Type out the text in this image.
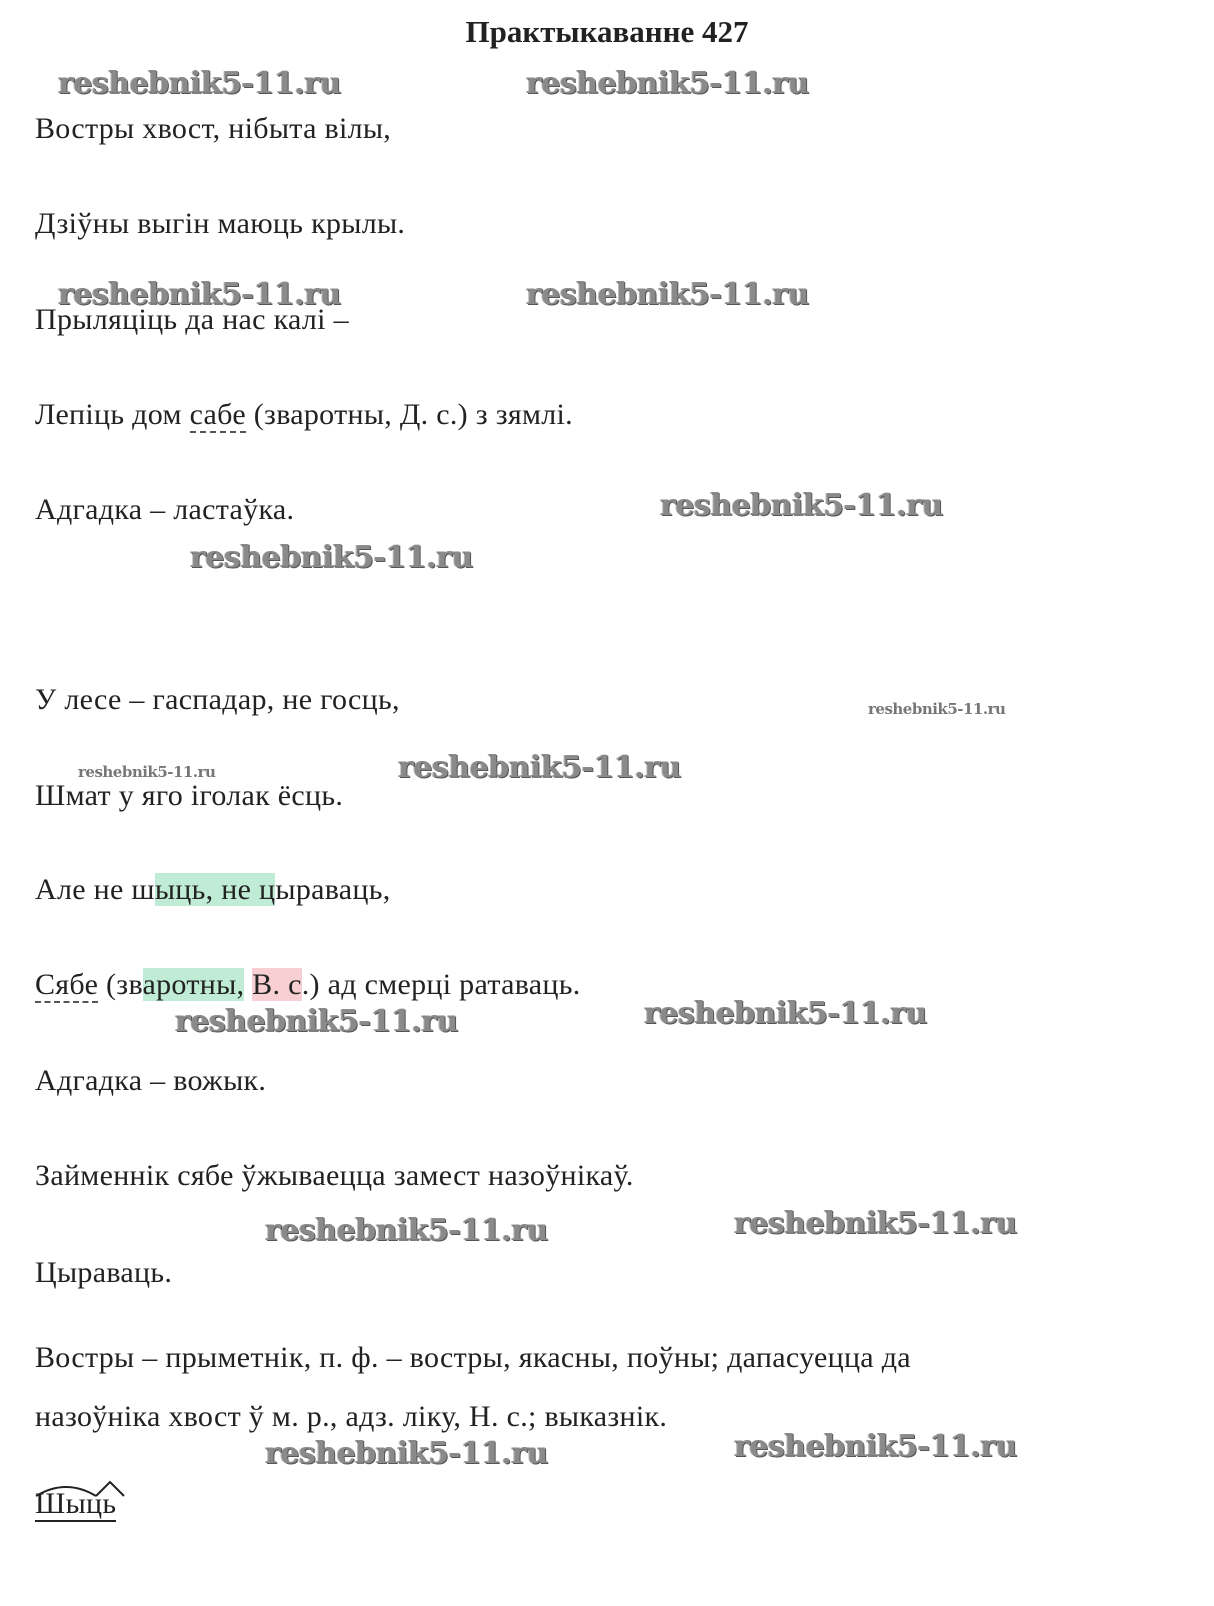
Практыкаванне 427
reshebnik5-11.ru	reshebnik5-11.ru
reshebnik5-11.ru	reshebnik5-11.ru
reshebnik5-11.ru
reshebnik5-11.ru
reshebnik5-11.ru
reshebnik5-11.ru	reshebnik5-11.ru
reshebnik5-11.ru	reshebnik5-11.ru
reshebnik5-11.ru
reshebnik5-11.ru
reshebnik5-11.ru
reshebnik5-11.ru
Востры хвост, нібыта вілы,
Дзіўны выгін маюць крылы.
Прыляціць да нас калі –
Лепіць дом сабе (зваротны, Д. с.) з зямлі.
Адгадка – ластаўка.
У лесе – гаспадар, не госць,
Шмат у яго іголак ёсць.
Але не шыць, не цыраваць,
Сябе (зваротны, В. с.) ад смерці ратаваць.
Адгадка – вожык.
Займеннік сябе ўжываецца замест назоўнікаў.
Цыраваць.
Востры – прыметнік, п. ф. – востры, якасны, поўны; дапасуецца да
назоўніка хвост ў м. р., адз. ліку, Н. с.; выказнік.
Шыць
